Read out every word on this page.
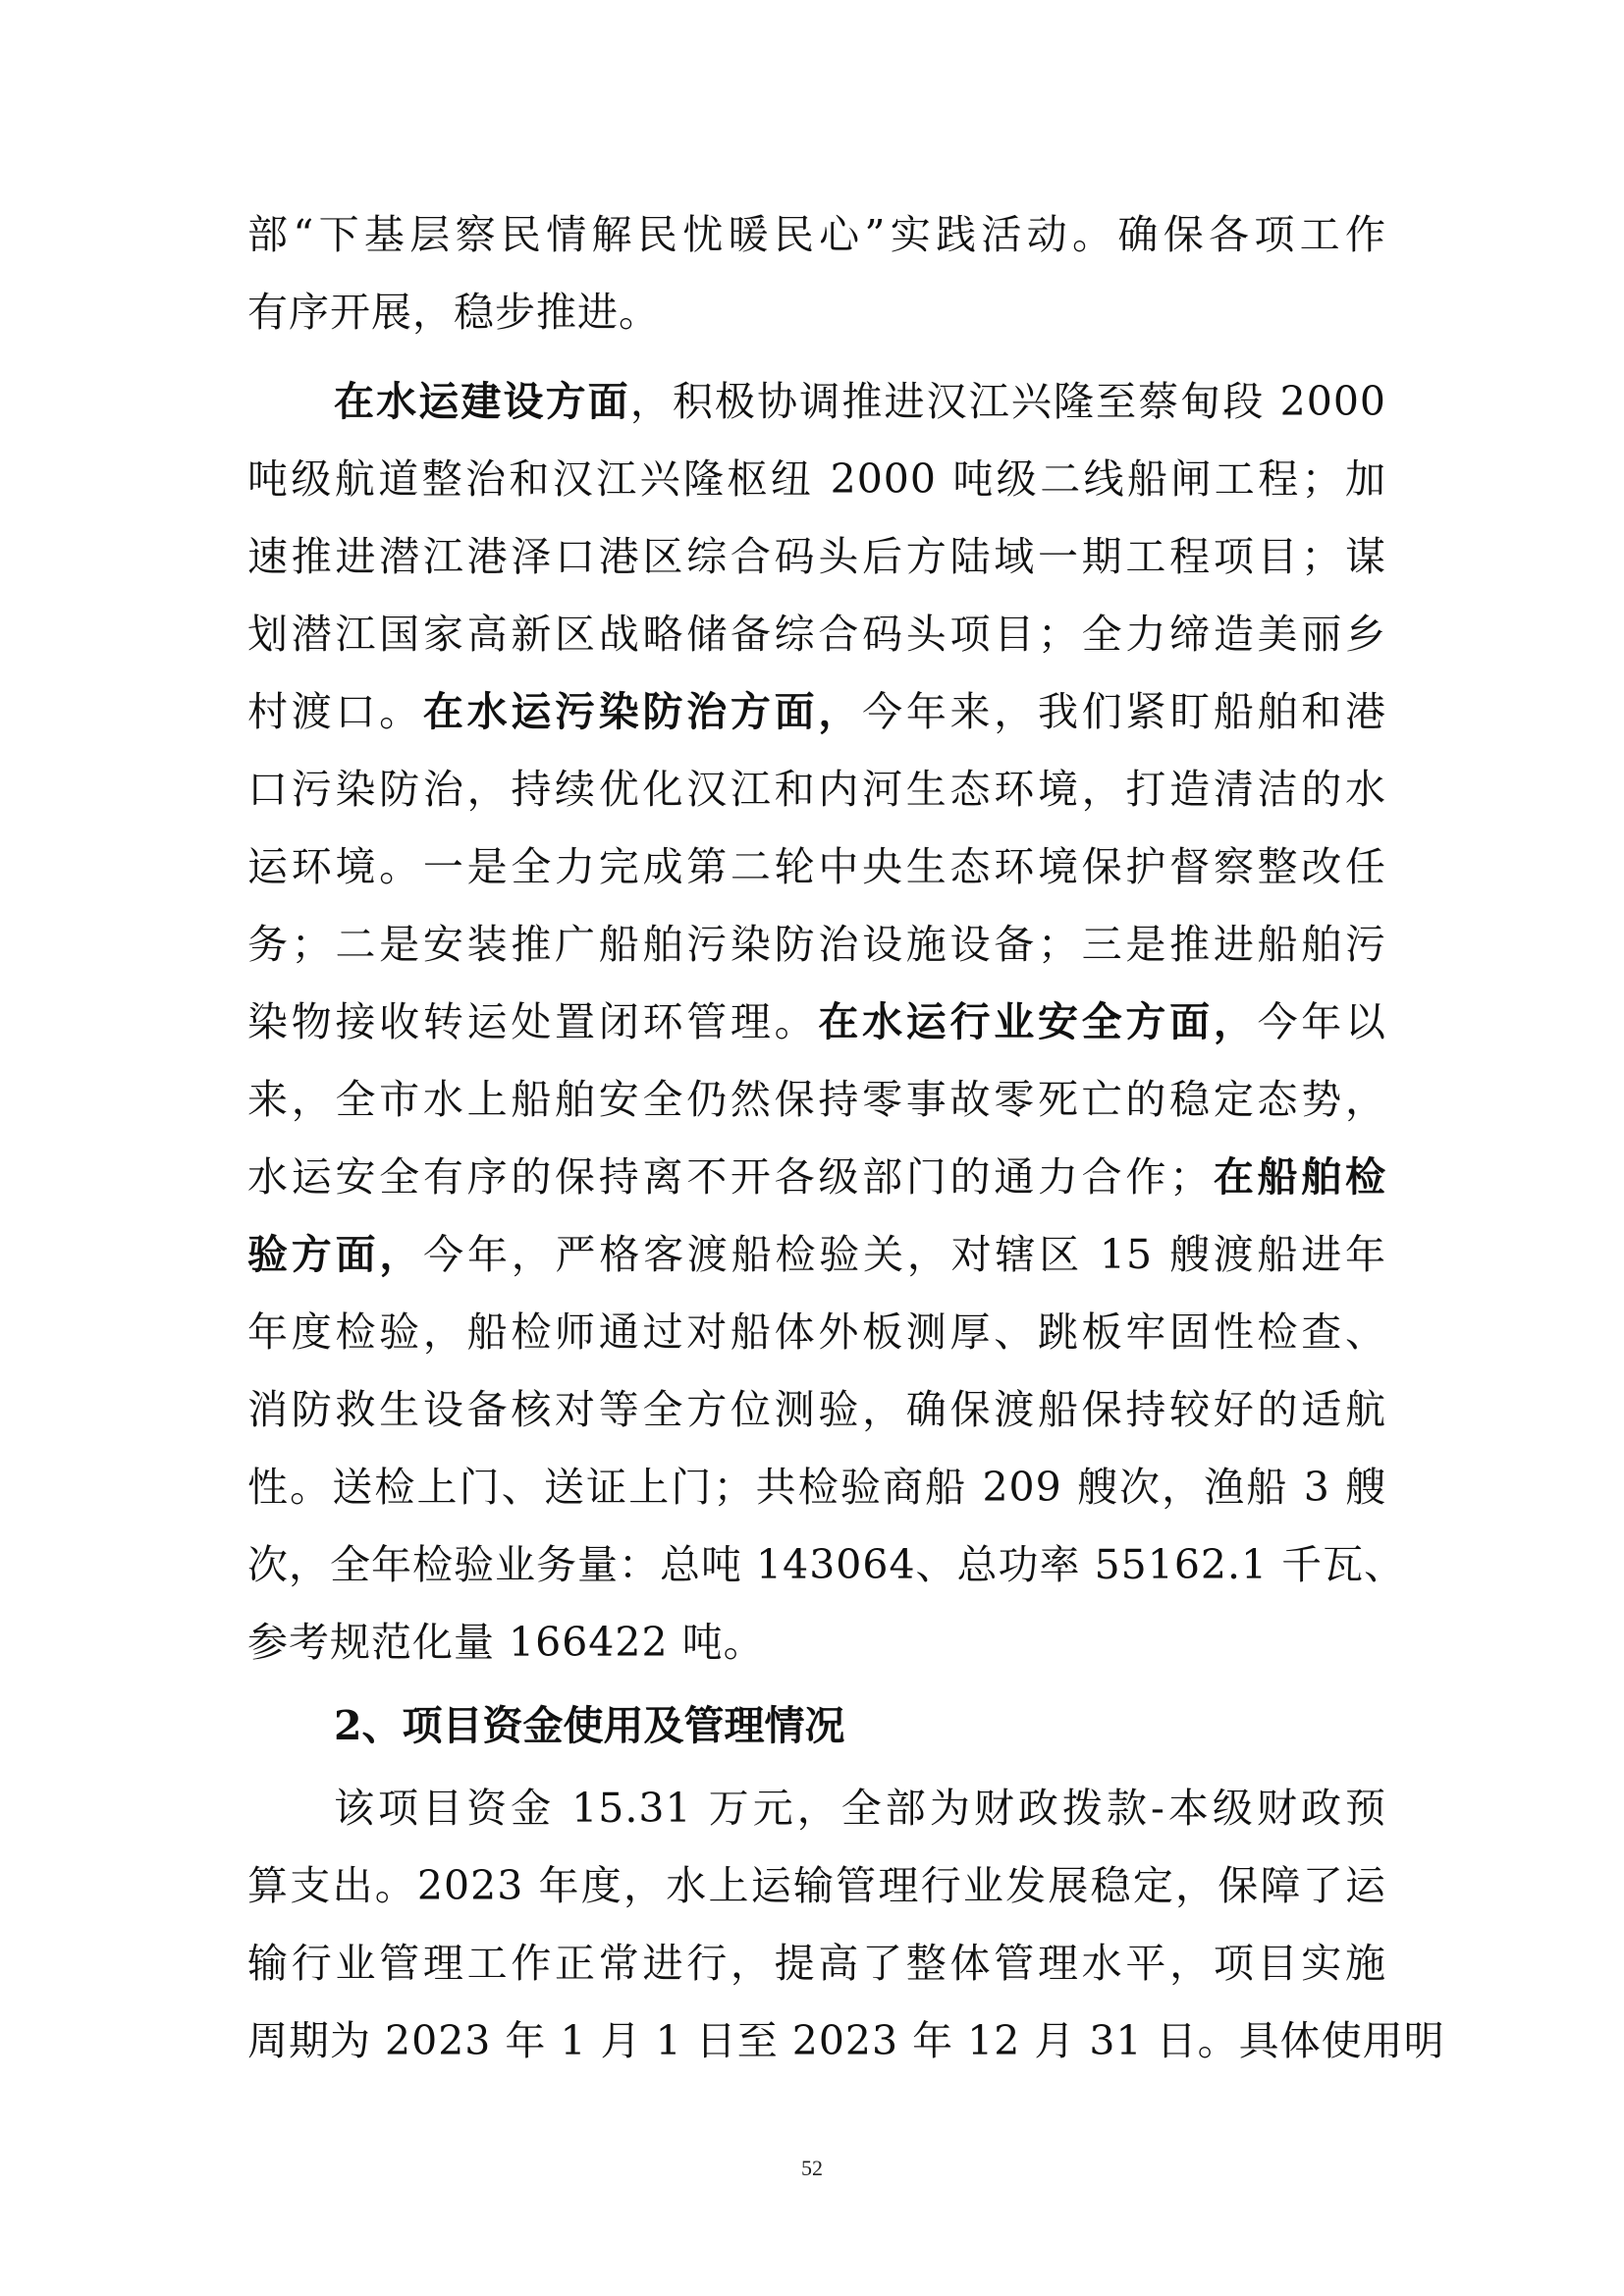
部“下基层察民情解民忧暖民心”实践活动。确保各项工作
有序开展，稳步推进。
在水运建设方面，积极协调推进汉江兴隆至蔡甸段 2000
吨级航道整治和汉江兴隆枢纽 2000 吨级二线船闸工程；加
速推进潜江港泽口港区综合码头后方陆域一期工程项目；谋
划潜江国家高新区战略储备综合码头项目；全力缔造美丽乡
村渡口。在水运污染防治方面，今年来，我们紧盯船舶和港
口污染防治，持续优化汉江和内河生态环境，打造清洁的水
运环境。一是全力完成第二轮中央生态环境保护督察整改任
务；二是安装推广船舶污染防治设施设备；三是推进船舶污
染物接收转运处置闭环管理。在水运行业安全方面，今年以
来，全市水上船舶安全仍然保持零事故零死亡的稳定态势，
水运安全有序的保持离不开各级部门的通力合作；在船舶检
验方面，今年，严格客渡船检验关，对辖区 15 艘渡船进年
年度检验，船检师通过对船体外板测厚、跳板牢固性检查、
消防救生设备核对等全方位测验，确保渡船保持较好的适航
性。送检上门、送证上门；共检验商船 209 艘次，渔船 3 艘
次，全年检验业务量：总吨 143064、总功率 55162.1 千瓦、
参考规范化量 166422 吨。
2、项目资金使用及管理情况
该项目资金 15.31 万元，全部为财政拨款-本级财政预
算支出。2023 年度，水上运输管理行业发展稳定，保障了运
输行业管理工作正常进行，提高了整体管理水平，项目实施
周期为 2023 年 1 月 1 日至 2023 年 12 月 31 日。具体使用明
52
